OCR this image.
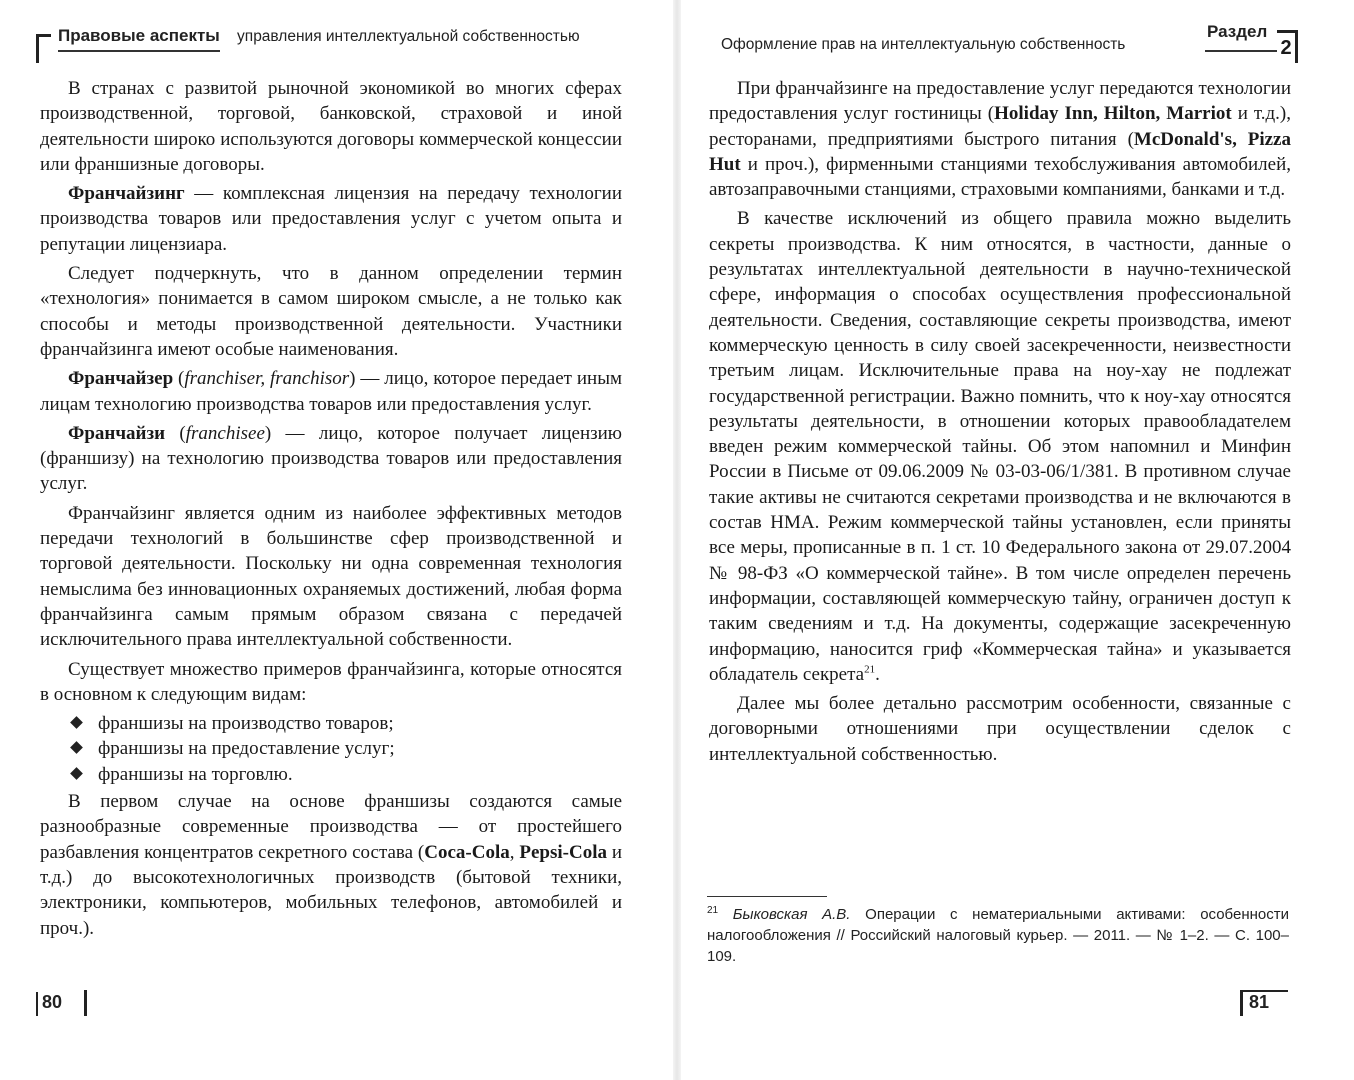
Правовые аспекты управления интеллектуальной собственностью

В странах с развитой рыночной экономикой во многих сферах производственной, торговой, банковской, страховой и иной деятельности широко используются договоры коммерческой концессии или франшизные договоры.

Франчайзинг — комплексная лицензия на передачу технологии производства товаров или предоставления услуг с учетом опыта и репутации лицензиара.

Следует подчеркнуть, что в данном определении термин «технология» понимается в самом широком смысле, а не только как способы и методы производственной деятельности. Участники франчайзинга имеют особые наименования.

Франчайзер (franchiser, franchisor) — лицо, которое передает иным лицам технологию производства товаров или предоставления услуг.

Франчайзи (franchisee) — лицо, которое получает лицензию (франшизу) на технологию производства товаров или предоставления услуг.

Франчайзинг является одним из наиболее эффективных методов передачи технологий в большинстве сфер производственной и торговой деятельности. Поскольку ни одна современная технология немыслима без инновационных охраняемых достижений, любая форма франчайзинга самым прямым образом связана с передачей исключительного права интеллектуальной собственности.

Существует множество примеров франчайзинга, которые относятся в основном к следующим видам:

франшизы на производство товаров;
франшизы на предоставление услуг;
франшизы на торговлю.

В первом случае на основе франшизы создаются самые разнообразные современные производства — от простейшего разбавления концентратов секретного состава (Coca-Cola, Pepsi-Cola и т.д.) до высокотехнологичных производств (бытовой техники, электроники, компьютеров, мобильных телефонов, автомобилей и проч.).

80
Оформление прав на интеллектуальную собственность
Раздел
2

При франчайзинге на предоставление услуг передаются технологии предоставления услуг гостиницы (Holiday Inn, Hilton, Marriot и т.д.), ресторанами, предприятиями быстрого питания (McDonald's, Pizza Hut и проч.), фирменными станциями техобслуживания автомобилей, автозаправочными станциями, страховыми компаниями, банками и т.д.

В качестве исключений из общего правила можно выделить секреты производства. К ним относятся, в частности, данные о результатах интеллектуальной деятельности в научно-технической сфере, информация о способах осуществления профессиональной деятельности. Сведения, составляющие секреты производства, имеют коммерческую ценность в силу своей засекреченности, неизвестности третьим лицам. Исключительные права на ноу-хау не подлежат государственной регистрации. Важно помнить, что к ноу-хау относятся результаты деятельности, в отношении которых правообладателем введен режим коммерческой тайны. Об этом напомнил и Минфин России в Письме от 09.06.2009 № 03-03-06/1/381. В противном случае такие активы не считаются секретами производства и не включаются в состав НМА. Режим коммерческой тайны установлен, если приняты все меры, прописанные в п. 1 ст. 10 Федерального закона от 29.07.2004 № 98-ФЗ «О коммерческой тайне». В том числе определен перечень информации, составляющей коммерческую тайну, ограничен доступ к таким сведениям и т.д. На документы, содержащие засекреченную информацию, наносится гриф «Коммерческая тайна» и указывается обладатель секрета$^{21}$.

Далее мы более детально рассмотрим особенности, связанные с договорными отношениями при осуществлении сделок с интеллектуальной собственностью.

$^{21}$ Быковская А.В. Операции с нематериальными активами: особенности налогообложения // Российский налоговый курьер. — 2011. — № 1–2. — С. 100–109.
81
